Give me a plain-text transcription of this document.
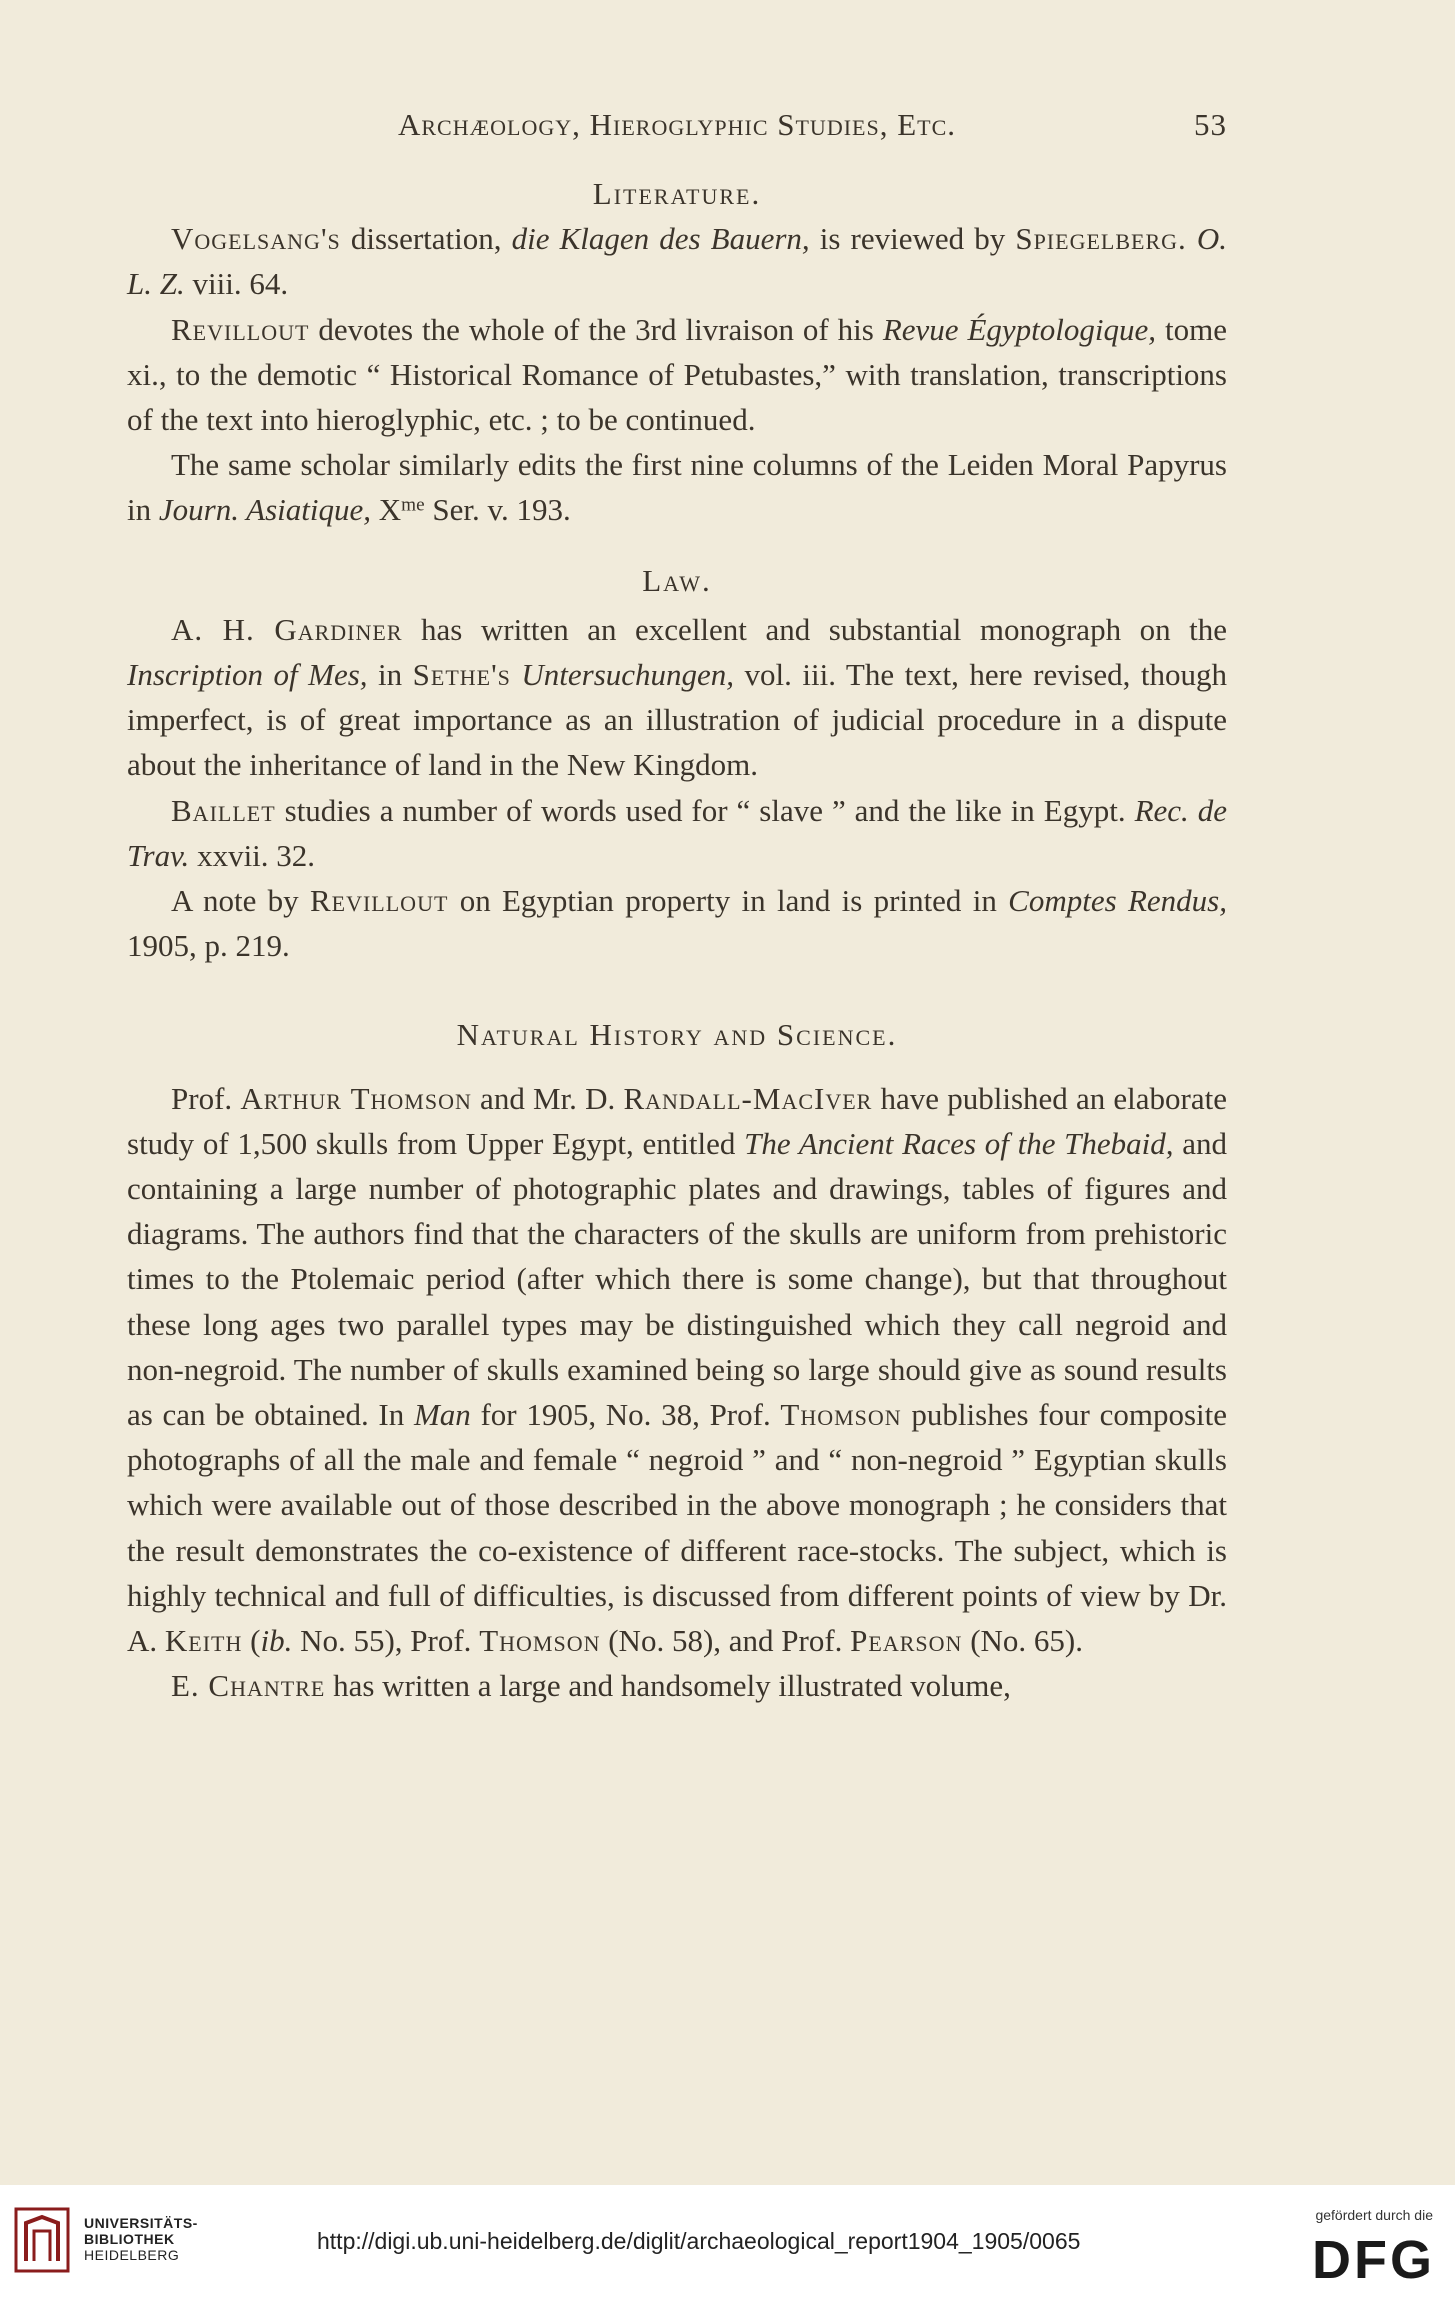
Archæology, Hieroglyphic Studies, Etc.	53
Literature.

Vogelsang's dissertation, die Klagen des Bauern, is reviewed by Spiegelberg. O. L. Z. viii. 64.

Revillout devotes the whole of the 3rd livraison of his Revue Égyptologique, tome xi., to the demotic “ Historical Romance of Petubastes,” with translation, transcriptions of the text into hieroglyphic, etc. ; to be continued.

The same scholar similarly edits the first nine columns of the Leiden Moral Papyrus in Journ. Asiatique, $X^{me}$ Ser. v. 193.

Law.

A. H. Gardiner has written an excellent and substantial monograph on the Inscription of Mes, in Sethe's Untersuchungen, vol. iii. The text, here revised, though imperfect, is of great importance as an illustration of judicial procedure in a dispute about the inheritance of land in the New Kingdom.

Baillet studies a number of words used for “ slave ” and the like in Egypt. Rec. de Trav. xxvii. 32.

A note by Revillout on Egyptian property in land is printed in Comptes Rendus, 1905, p. 219.

Natural History and Science.

Prof. Arthur Thomson and Mr. D. Randall-MacIver have published an elaborate study of 1,500 skulls from Upper Egypt, entitled The Ancient Races of the Thebaid, and containing a large number of photographic plates and drawings, tables of figures and diagrams. The authors find that the characters of the skulls are uniform from prehistoric times to the Ptolemaic period (after which there is some change), but that throughout these long ages two parallel types may be distinguished which they call negroid and non-negroid. The number of skulls examined being so large should give as sound results as can be obtained. In Man for 1905, No. 38, Prof. Thomson publishes four composite photographs of all the male and female “ negroid ” and “ non-negroid ” Egyptian skulls which were available out of those described in the above monograph ; he considers that the result demonstrates the co-existence of different race-stocks. The subject, which is highly technical and full of difficulties, is discussed from different points of view by Dr. A. Keith (ib. No. 55), Prof. Thomson (No. 58), and Prof. Pearson (No. 65).

E. Chantre has written a large and handsomely illustrated volume,

UNIVERSITÄTS-
BIBLIOTHEK
HEIDELBERG
http://digi.ub.uni-heidelberg.de/diglit/archaeological_report1904_1905/0065
gefördert durch die
DFG
